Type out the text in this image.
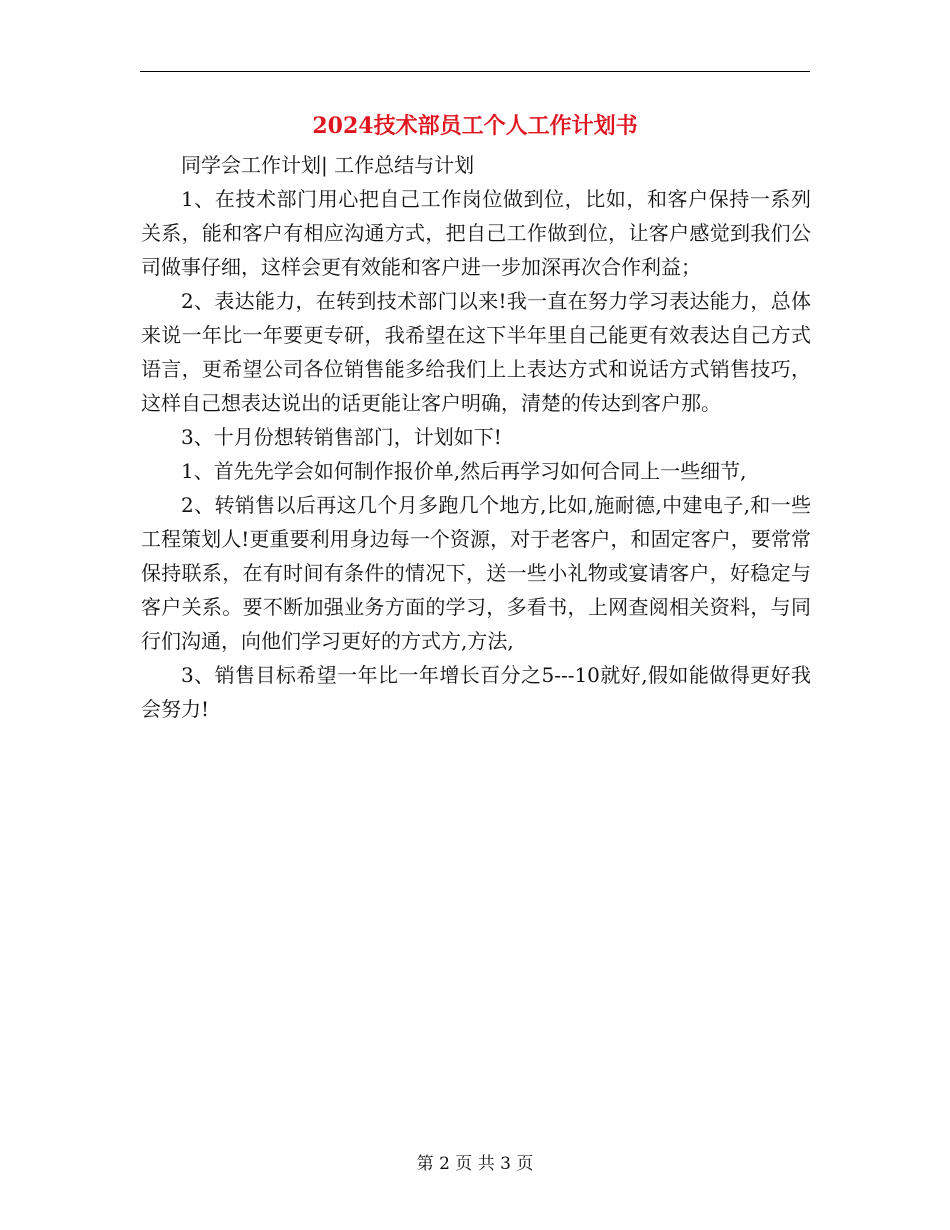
2024技术部员工个人工作计划书

同学会工作计划| 工作总结与计划

1、在技术部门用心把自己工作岗位做到位，比如，和客户保持一系列关系，能和客户有相应沟通方式，把自己工作做到位，让客户感觉到我们公司做事仔细，这样会更有效能和客户进一步加深再次合作利益；

2、表达能力，在转到技术部门以来!我一直在努力学习表达能力，总体来说一年比一年要更专研，我希望在这下半年里自己能更有效表达自己方式语言，更希望公司各位销售能多给我们上上表达方式和说话方式销售技巧，这样自己想表达说出的话更能让客户明确，清楚的传达到客户那。

3、十月份想转销售部门，计划如下!

1、首先先学会如何制作报价单,然后再学习如何合同上一些细节,

2、转销售以后再这几个月多跑几个地方,比如,施耐德,中建电子,和一些工程策划人!更重要利用身边每一个资源，对于老客户，和固定客户，要常常保持联系，在有时间有条件的情况下，送一些小礼物或宴请客户，好稳定与客户关系。要不断加强业务方面的学习，多看书，上网查阅相关资料，与同行们沟通，向他们学习更好的方式方,方法,

3、销售目标希望一年比一年增长百分之5---10就好,假如能做得更好我会努力!

第 2 页 共 3 页
